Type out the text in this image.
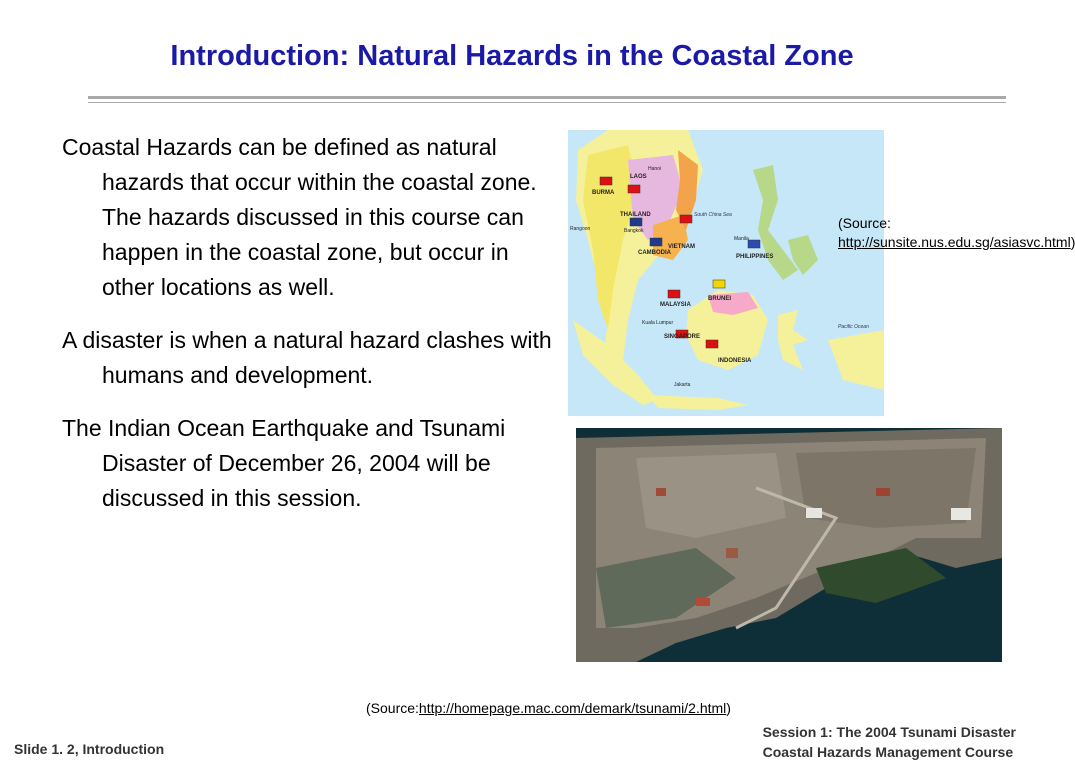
Introduction: Natural Hazards in the Coastal Zone

Coastal Hazards can be defined as natural hazards that occur within the coastal zone. The hazards discussed in this course can happen in the coastal zone, but occur in other locations as well.

A disaster is when a natural hazard clashes with humans and development.

The Indian Ocean Earthquake and Tsunami Disaster of December 26, 2004 will be discussed in this session.

BURMA
LAOS
THAILAND
VIETNAM
CAMBODIA
PHILIPPINES
MALAYSIA
BRUNEI
SINGAPORE
INDONESIA
South China Sea
Pacific Ocean
Rangoon	Bangkok
Hanoi
Manila
Kuala Lumpur
Jakarta
(Source: http://sunsite.nus.edu.sg/asiasvc.html)
(Source:http://homepage.mac.com/demark/tsunami/2.html)
Slide 1. 2, Introduction
Session 1: The 2004 Tsunami Disaster
Coastal Hazards Management Course
